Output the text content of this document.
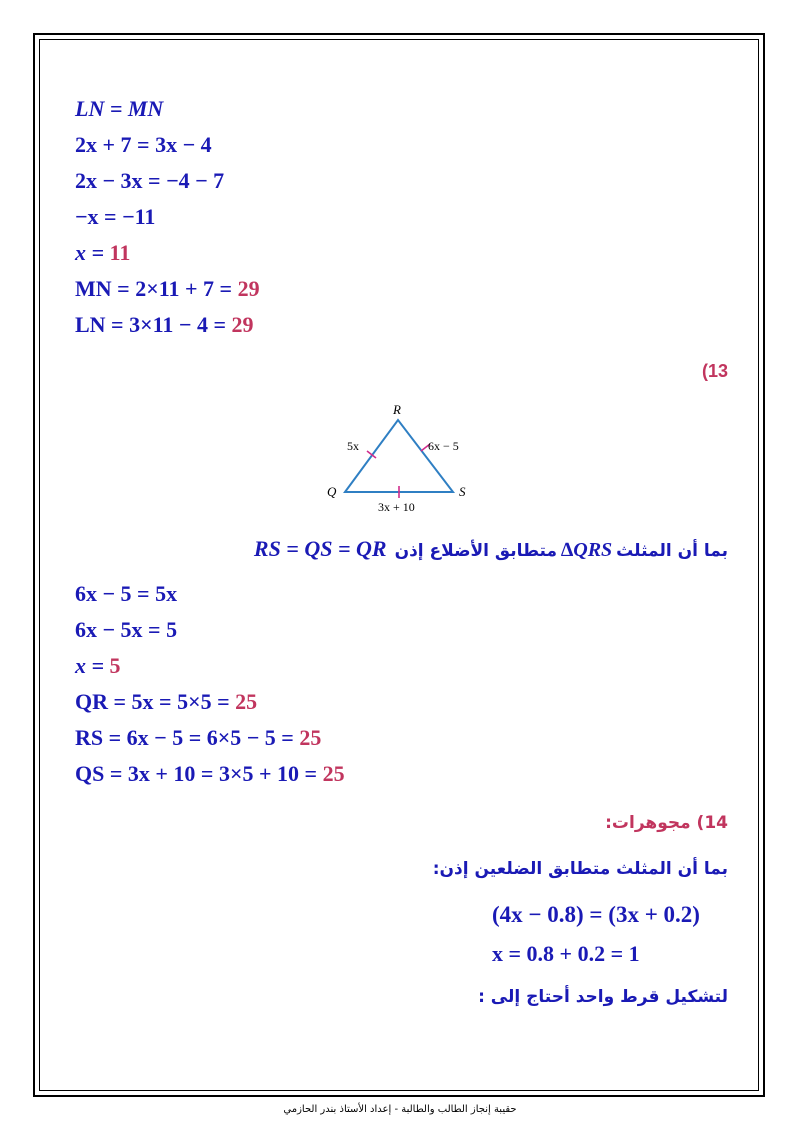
LN = MN
2x + 7 = 3x − 4
2x − 3x = −4 − 7
−x = −11
x = 11
MN = 2×11 + 7 = 29
LN = 3×11 − 4 = 29
(13
R
Q	S
5x	6x − 5
3x + 10
بما أن المثلث ∆QRS متطابق الأضلاع إذن  RS = QS = QR
6x − 5 = 5x
6x − 5x = 5
x = 5
QR = 5x = 5×5 = 25
RS = 6x − 5 = 6×5 − 5 = 25
QS = 3x + 10 = 3×5 + 10 = 25
14) مجوهرات:
بما أن المثلث متطابق الضلعين إذن:
(4x − 0.8) = (3x + 0.2)
x = 0.8 + 0.2 = 1
لتشكيل قرط واحد أحتاج إلى :
حقيبة إنجاز الطالب والطالبة - إعداد الأستاذ بندر الحازمي
